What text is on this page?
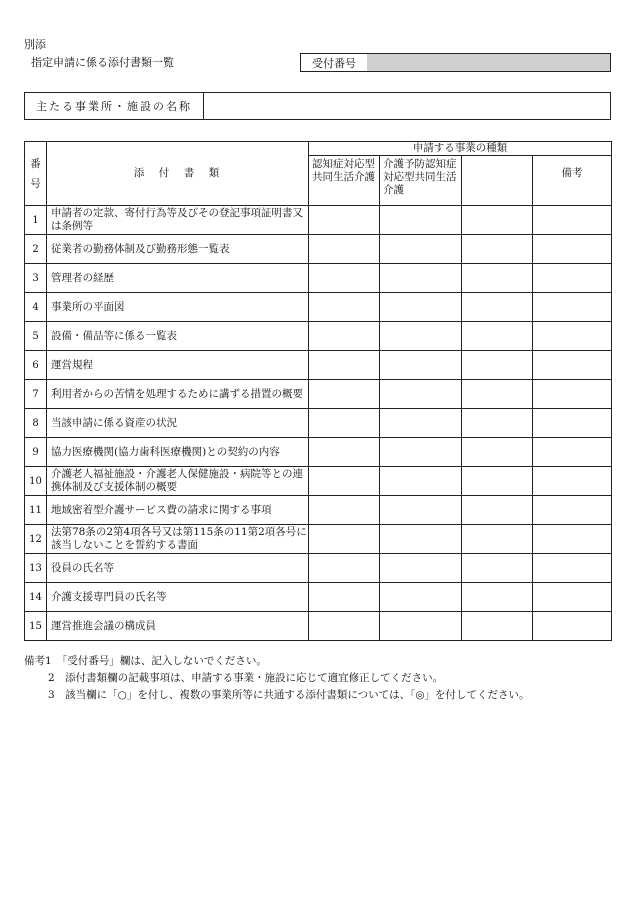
別添
指定申請に係る添付書類一覧	受付番号
主たる事業所・施設の名称
番号	添　付　書　類	申請する事業の種類			
		認知症対応型共同生活介護	介護予防認知症対応型共同生活介護		備考
1	申請者の定款、寄付行為等及びその登記事項証明書又は条例等				
2	従業者の勤務体制及び勤務形態一覧表				
3	管理者の経歴				
4	事業所の平面図				
5	設備・備品等に係る一覧表				
6	運営規程				
7	利用者からの苦情を処理するために講ずる措置の概要				
8	当該申請に係る資産の状況				
9	協力医療機関(協力歯科医療機関)との契約の内容				
10	介護老人福祉施設・介護老人保健施設・病院等との連携体制及び支援体制の概要				
11	地域密着型介護サービス費の請求に関する事項				
12	法第78条の2第4項各号又は第115条の11第2項各号に該当しないことを誓約する書面				
13	役員の氏名等				
14	介護支援専門員の氏名等				
15	運営推進会議の構成員				
備考1　「受付番号」欄は、記入しないでください。
2　添付書類欄の記載事項は、申請する事業・施設に応じて適宜修正してください。
3　該当欄に「○」を付し、複数の事業所等に共通する添付書類については、「◎」を付してください。
